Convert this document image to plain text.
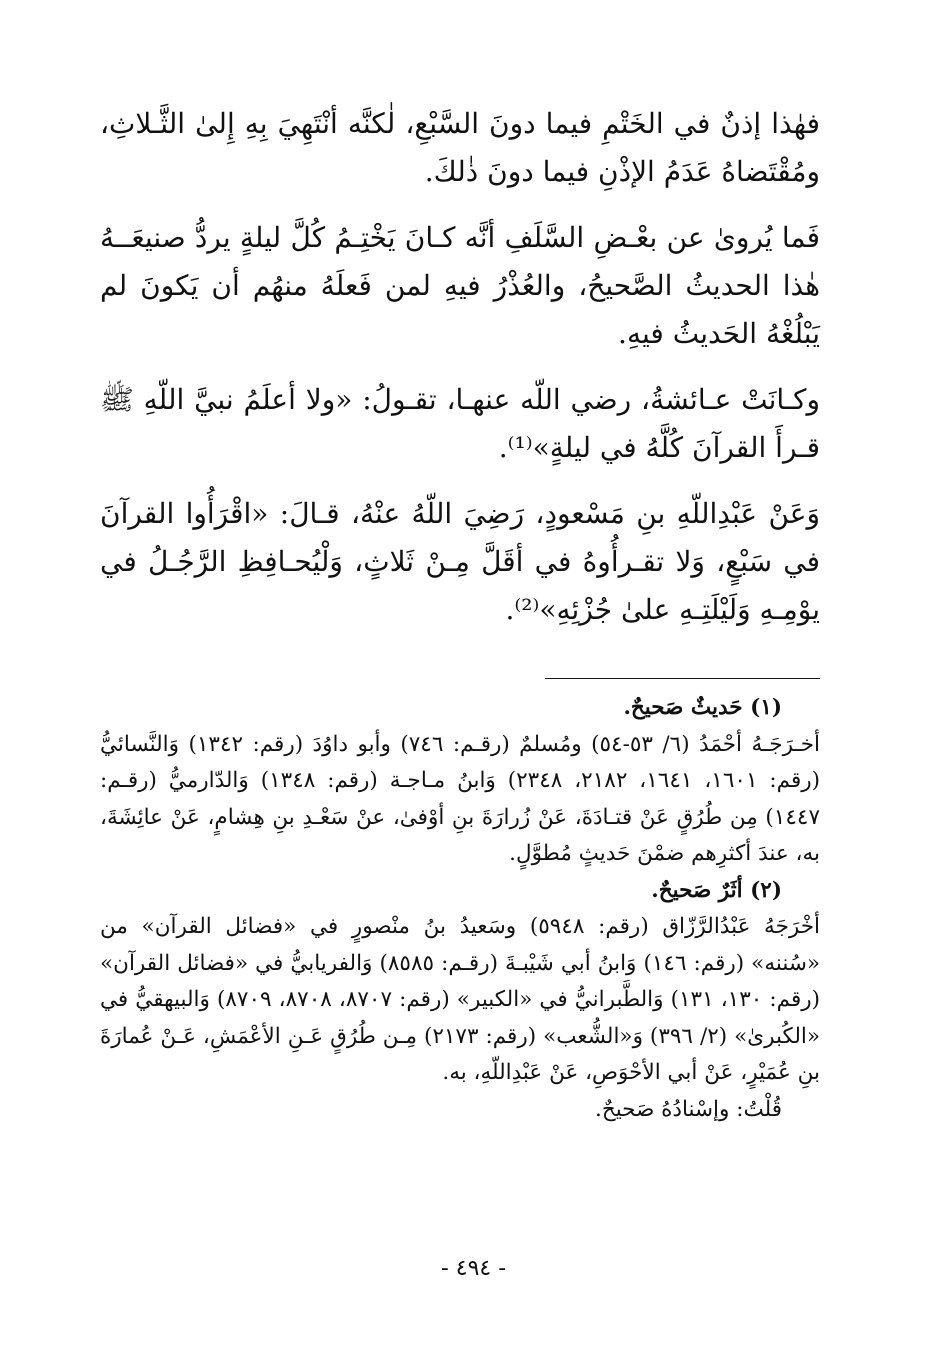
فهٰذا إذنٌ في الخَتْمِ فيما دونَ السَّبْعِ، لٰكنَّه أنْتَهِيَ بِهِ إِلىٰ الثَّـلاثِ، ومُقْتَضاهُ عَدَمُ الإذْنِ فيما دونَ ذٰلكَ.

فَما يُروىٰ عن بعْـضِ السَّلَفِ أنَّه كـانَ يَخْتِـمُ كُلَّ ليلةٍ يردُّ صنيعَــهُ هٰذا الحديثُ الصَّحيحُ، والعُذْرُ فيهِ لمن فَعلَهُ منهُم أن يَكونَ لم يَبْلُغْهُ الحَديثُ فيهِ.

وكـانَتْ عـائشةُ، رضي اللّه عنهـا، تقـولُ: «ولا أعلَمُ نبيَّ اللّهِ ﷺ قـرأَ القرآنَ كُلَّهُ في ليلةٍ»⁽¹⁾.

وَعَنْ عَبْدِاللّهِ بنِ مَسْعودٍ، رَضِيَ اللّهُ عنْهُ، قـالَ: «اقْرَأُوا القرآنَ في سَبْعٍ، وَلا تقـرأُوهُ في أقَلَّ مِـنْ ثَلاثٍ، وَلْيُحـافِظِ الرَّجُـلُ في يوْمِـهِ وَلَيْلَتِـهِ علىٰ جُزْئِهِ»⁽²⁾.

(١) حَديثٌ صَحيحٌ.

أخـرَجَـهُ أحْمَدُ (٦/ ٥٣-٥٤) ومُسلمٌ (رقـم: ٧٤٦) وأبو داوُدَ (رقم: ١٣٤٢) وَالنَّسائيُّ (رقم: ١٦٠١، ١٦٤١، ٢١٨٢، ٢٣٤٨) وَابنُ مـاجـة (رقم: ١٣٤٨) وَالدّارميُّ (رقـم: ١٤٤٧) مِن طُرُقٍ عَنْ قتـادَةَ، عَنْ زُرارَةَ بنِ أوْفىٰ، عنْ سَعْـدِ بنِ هِشامٍ، عَنْ عائِشَةَ، به، عندَ أكثرِهم ضمْنَ حَديثٍ مُطوَّلٍ.

(٢) أثَرٌ صَحيحٌ.

أخْرَجَهُ عَبْدُالرَّزّاق (رقم: ٥٩٤٨) وسَعيدُ بنُ منْصورٍ في «فضائل القرآن» من «سُننه» (رقم: ١٤٦) وَابنُ أبي شَيْبـةَ (رقـم: ٨٥٨٥) وَالفريابيُّ في «فضائل القرآن» (رقم: ١٣٠، ١٣١) وَالطَّبرانيُّ في «الكبير» (رقم: ٨٧٠٧، ٨٧٠٨، ٨٧٠٩) وَالبيهقيُّ في «الكُبرىٰ» (٢/ ٣٩٦) وَ«الشُّعب» (رقم: ٢١٧٣) مِـن طُرُقٍ عَـنِ الأعْمَشِ، عَـنْ عُمارَةَ بنِ عُمَيْرٍ، عَنْ أبي الأحْوَصِ، عَنْ عَبْدِاللّهِ، به.

قُلْتُ: وإسْنادُهُ صَحيحٌ.

- ٤٩٤ -
